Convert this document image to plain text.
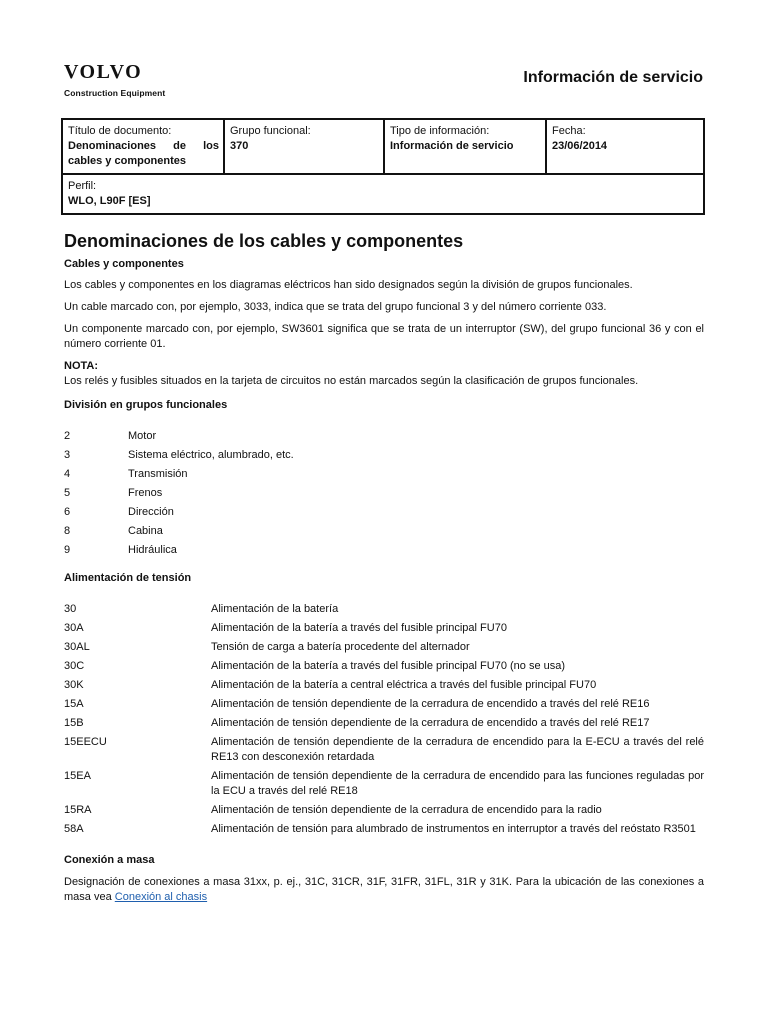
VOLVO
Construction Equipment
Información de servicio
Título de documento:
Denominaciones de los cables y componentes

Grupo funcional:
370

Tipo de información:
Información de servicio

Fecha:
23/06/2014

Perfil:
WLO, L90F [ES]
Denominaciones de los cables y componentes
Cables y componentes

Los cables y componentes en los diagramas eléctricos han sido designados según la división de grupos funcionales.

Un cable marcado con, por ejemplo, 3033, indica que se trata del grupo funcional 3 y del número corriente 033.

Un componente marcado con, por ejemplo, SW3601 significa que se trata de un interruptor (SW), del grupo funcional 36 y con el número corriente 01.

NOTA:

Los relés y fusibles situados en la tarjeta de circuitos no están marcados según la clasificación de grupos funcionales.

División en grupos funcionales
2	Motor
3	Sistema eléctrico, alumbrado, etc.
4	Transmisión
5	Frenos
6	Dirección
8	Cabina
9	Hidráulica
Alimentación de tensión
30	Alimentación de la batería
30A	Alimentación de la batería a través del fusible principal FU70
30AL	Tensión de carga a batería procedente del alternador
30C	Alimentación de la batería a través del fusible principal FU70 (no se usa)
30K	Alimentación de la batería a central eléctrica a través del fusible principal FU70
15A	Alimentación de tensión dependiente de la cerradura de encendido a través del relé RE16
15B	Alimentación de tensión dependiente de la cerradura de encendido a través del relé RE17
15EECU	Alimentación de tensión dependiente de la cerradura de encendido para la E-ECU a través del relé RE13 con desconexión retardada
15EA	Alimentación de tensión dependiente de la cerradura de encendido para las funciones reguladas por la ECU a través del relé RE18
15RA	Alimentación de tensión dependiente de la cerradura de encendido para la radio
58A	Alimentación de tensión para alumbrado de instrumentos en interruptor a través del reóstato R3501
Conexión a masa

Designación de conexiones a masa 31xx, p. ej., 31C, 31CR, 31F, 31FR, 31FL, 31R y 31K. Para la ubicación de las conexiones a masa vea Conexión al chasis
